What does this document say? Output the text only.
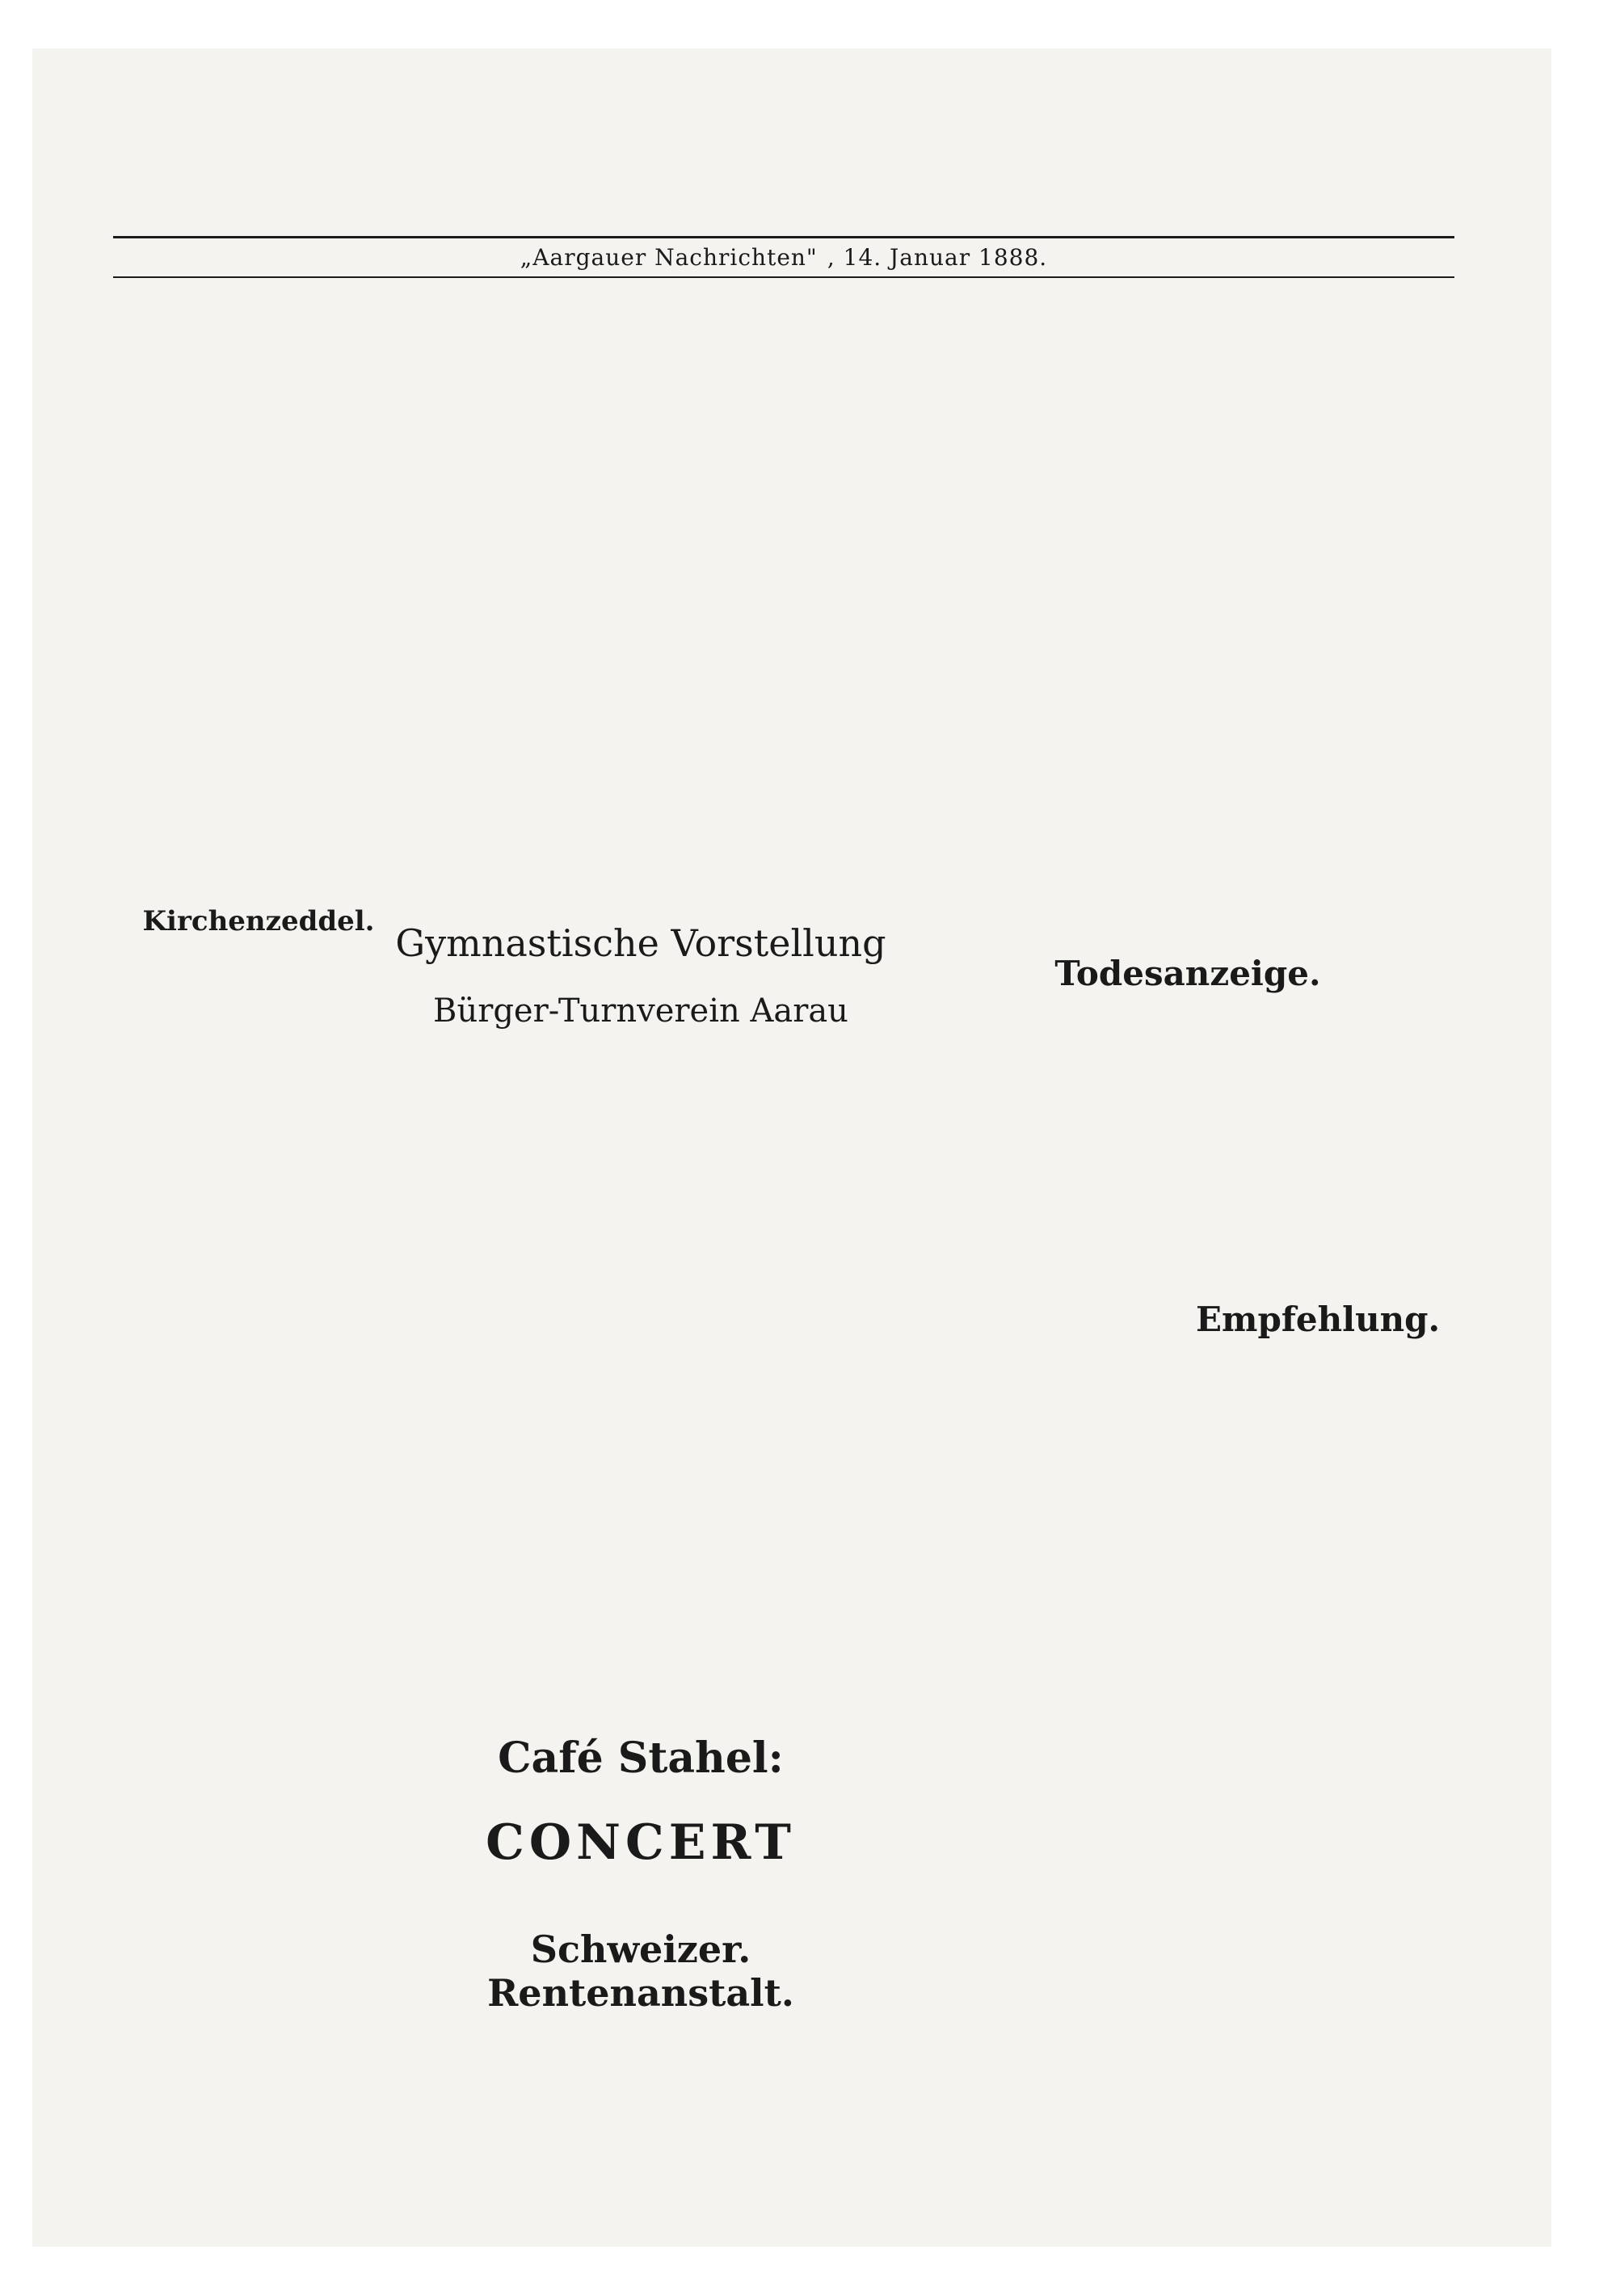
„Aargauer Nachrichten" , 14. Januar 1888.
Kirchenzeddel. Gymnastische Vorstellung
Todesanzeige.
Bürger-Turnverein Aarau
Empfehlung.
Café Stahel:
CONCERT
Schweizer. Rentenanstalt.
